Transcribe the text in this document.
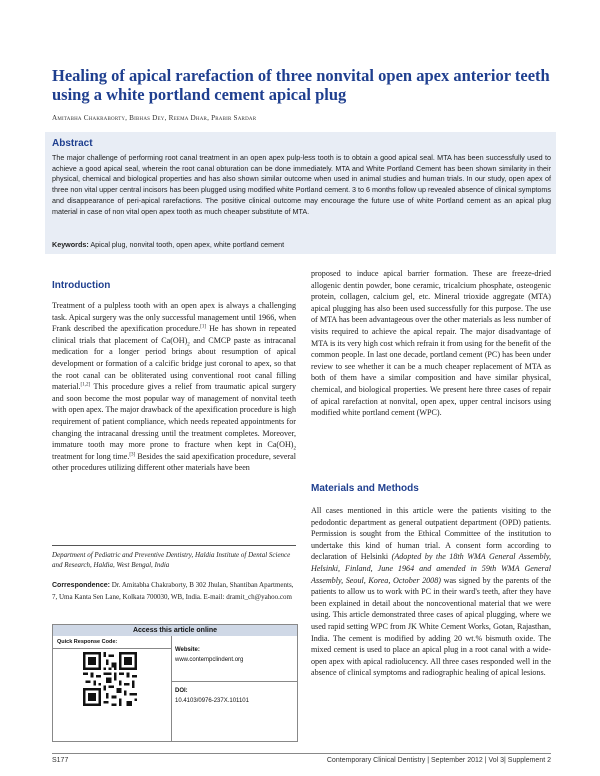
Healing of apical rarefaction of three nonvital open apex anterior teeth using a white portland cement apical plug
Amitabha Chakraborty, Bibhas Dey, Reema Dhar, Prabir Sardar
Abstract
The major challenge of performing root canal treatment in an open apex pulp-less tooth is to obtain a good apical seal. MTA has been successfully used to achieve a good apical seal, wherein the root canal obturation can be done immediately. MTA and White Portland Cement has been shown similarity in their physical, chemical and biological properties and has also shown similar outcome when used in animal studies and human trials. In our study, open apex of three non vital upper central incisors has been plugged using modified white Portland cement. 3 to 6 months follow up revealed absence of clinical symptoms and disappearance of peri-apical rarefactions. The positive clinical outcome may encourage the future use of white Portland cement as an apical plug material in case of non vital open apex tooth as much cheaper substitute of MTA.
Keywords: Apical plug, nonvital tooth, open apex, white portland cement
Introduction
Treatment of a pulpless tooth with an open apex is always a challenging task. Apical surgery was the only successful management until 1966, when Frank described the apexification procedure.[1] He has shown in repeated clinical trials that placement of $Ca(OH)_2$ and CMCP paste as intracanal medication for a longer period brings about resumption of apical development or formation of a calcific bridge just coronal to apex, so that the root canal can be obliterated using conventional root canal filling material.[1,2] This procedure gives a relief from traumatic apical surgery and soon become the most popular way of management of nonvital teeth with open apex. The major drawback of the apexification procedure is high requirement of patient compliance, which needs repeated appointments for changing the intracanal dressing until the treatment completes. Moreover, immature tooth may more prone to fracture when kept in $Ca(OH)_2$ treatment for long time.[3] Besides the said apexification procedure, several other procedures utilizing different other materials have been
proposed to induce apical barrier formation. These are freeze-dried allogenic dentin powder, bone ceramic, tricalcium phosphate, osteogenic protein, collagen, calcium gel, etc. Mineral trioxide aggregate (MTA) apical plugging has also been used successfully for this purpose. The use of MTA has been advantageous over the other materials as less number of visits required to achieve the apical repair. The major disadvantage of MTA is its very high cost which refrain it from using for the benefit of the common people. In last one decade, portland cement (PC) has been under review to see whether it can be a much cheaper replacement of MTA as both of them have a similar composition and have similar physical, chemical, and biological properties. We present here three cases of repair of apical rarefaction at nonvital, open apex, upper central incisors using modified white portland cement (WPC).
Materials and Methods
All cases mentioned in this article were the patients visiting to the pedodontic department as general outpatient department (OPD) patients. Permission is sought from the Ethical Committee of the institution to undertake this kind of human trial. A consent form according to declaration of Helsinki (Adopted by the 18th WMA General Assembly, Helsinki, Finland, June 1964 and amended in 59th WMA General Assembly, Seoul, Korea, October 2008) was signed by the parents of the patients to allow us to work with PC in their ward's teeth, after they have been explained in detail about the noncoventional material that we were using. This article demonstrated three cases of apical plugging, where we used rapid setting WPC from JK White Cement Works, Gotan, Rajasthan, India. The cement is modified by adding 20 wt.% bismuth oxide. The mixed cement is used to place an apical plug in a root canal with a wide-open apex with apical radiolucency. All three cases responded well in the absence of clinical symptoms and radiographic healing of apical lesions.
Department of Pediatric and Preventive Dentistry, Haldia Institute of Dental Science and Research, Haldia, West Bengal, India
Correspondence: Dr. Amitabha Chakraborty, B 302 Jhulan, Shantiban Apartments, 7, Uma Kanta Sen Lane, Kolkata 700030, WB, India. E-mail: dramit_ch@yahoo.com
Access this article online
Quick Response Code:
Website:
www.contempclindent.org
DOI:
10.4103/0976-237X.101101
S177	Contemporary Clinical Dentistry | September 2012 | Vol 3| Supplement 2
